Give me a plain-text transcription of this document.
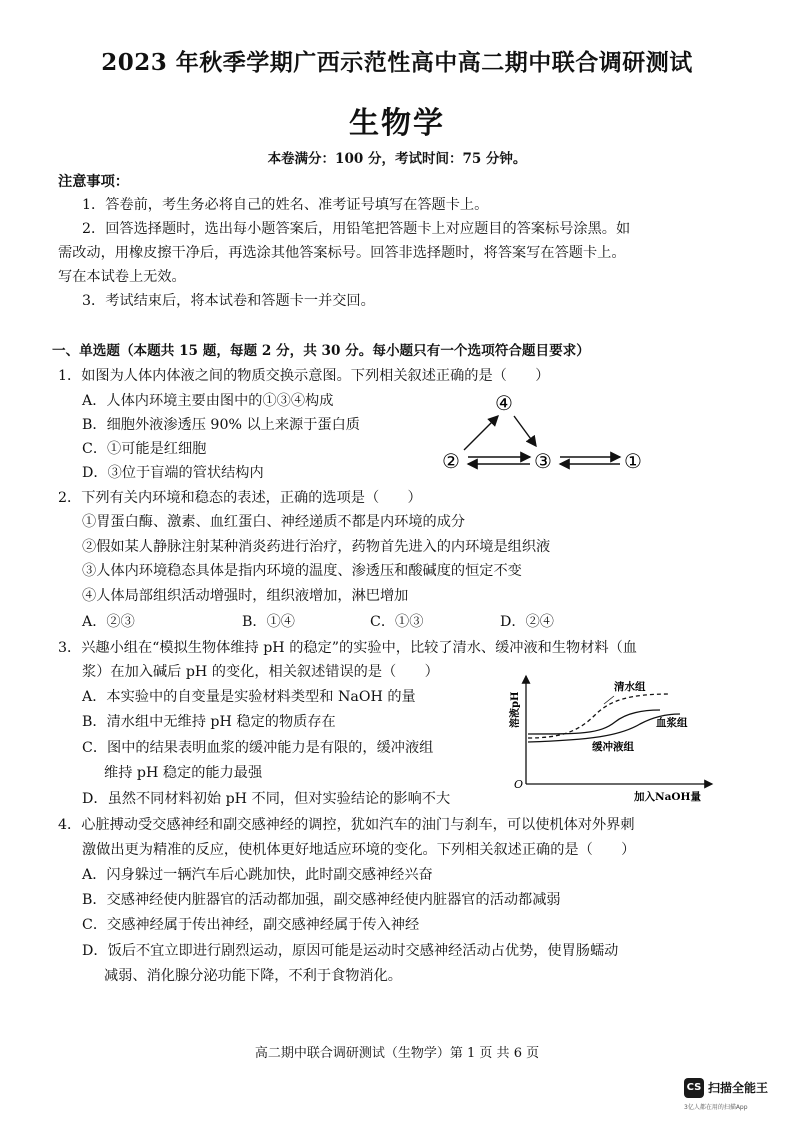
2023 年秋季学期广西示范性高中高二期中联合调研测试
生物学
本卷满分：100 分，考试时间：75 分钟。
注意事项：
1．答卷前，考生务必将自己的姓名、准考证号填写在答题卡上。
2．回答选择题时，选出每小题答案后，用铅笔把答题卡上对应题目的答案标号涂黑。如
需改动，用橡皮擦干净后，再选涂其他答案标号。回答非选择题时，将答案写在答题卡上。
写在本试卷上无效。
3．考试结束后，将本试卷和答题卡一并交回。
一、单选题（本题共 15 题，每题 2 分，共 30 分。每小题只有一个选项符合题目要求）
1．如图为人体内体液之间的物质交换示意图。下列相关叙述正确的是（　　）
A．人体内环境主要由图中的①③④构成
B．细胞外液渗透压 90% 以上来源于蛋白质
C．①可能是红细胞
D．③位于盲端的管状结构内
④
②	③	①
2．下列有关内环境和稳态的表述，正确的选项是（　　）
①胃蛋白酶、激素、血红蛋白、神经递质不都是内环境的成分
②假如某人静脉注射某种消炎药进行治疗，药物首先进入的内环境是组织液
③人体内环境稳态具体是指内环境的温度、渗透压和酸碱度的恒定不变
④人体局部组织活动增强时，组织液增加，淋巴增加
A．②③	B．①④	C．①③	D．②④
3．兴趣小组在“模拟生物体维持 pH 的稳定”的实验中，比较了清水、缓冲液和生物材料（血
浆）在加入碱后 pH 的变化，相关叙述错误的是（　　）
A．本实验中的自变量是实验材料类型和 NaOH 的量
B．清水组中无维持 pH 稳定的物质存在
C．图中的结果表明血浆的缓冲能力是有限的，缓冲液组
维持 pH 稳定的能力最强
D．虽然不同材料初始 pH 不同，但对实验结论的影响不大
溶液pH
O
加入NaOH量
清水组
血浆组
缓冲液组
4．心脏搏动受交感神经和副交感神经的调控，犹如汽车的油门与刹车，可以使机体对外界刺
激做出更为精准的反应，使机体更好地适应环境的变化。下列相关叙述正确的是（　　）
A．闪身躲过一辆汽车后心跳加快，此时副交感神经兴奋
B．交感神经使内脏器官的活动都加强，副交感神经使内脏器官的活动都减弱
C．交感神经属于传出神经，副交感神经属于传入神经
D．饭后不宜立即进行剧烈运动，原因可能是运动时交感神经活动占优势，使胃肠蠕动
减弱、消化腺分泌功能下降，不利于食物消化。
高二期中联合调研测试（生物学）第 1 页 共 6 页
CS 扫描全能王
3亿人都在用的扫描App
